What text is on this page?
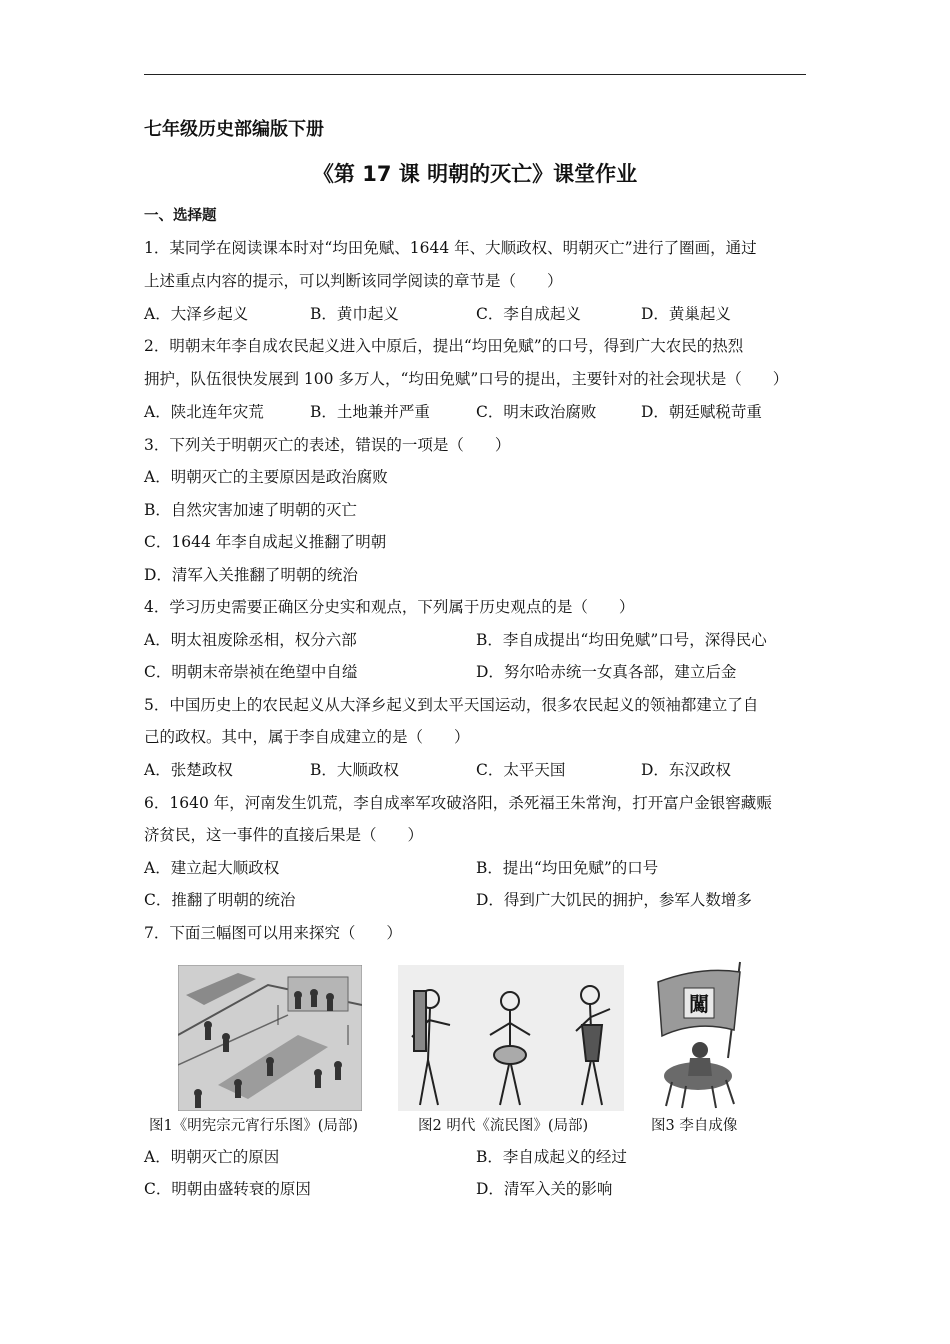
七年级历史部编版下册
《第 17 课 明朝的灭亡》课堂作业
一、选择题
1．某同学在阅读课本时对“均田免赋、1644 年、大顺政权、明朝灭亡”进行了圈画，通过
上述重点内容的提示，可以判断该同学阅读的章节是（　　）
A．大泽乡起义	B．黄巾起义	C．李自成起义	D．黄巢起义
2．明朝末年李自成农民起义进入中原后，提出“均田免赋”的口号，得到广大农民的热烈
拥护，队伍很快发展到 100 多万人，“均田免赋”口号的提出，主要针对的社会现状是（　　）
A．陕北连年灾荒	B．土地兼并严重	C．明末政治腐败	D．朝廷赋税苛重
3．下列关于明朝灭亡的表述，错误的一项是（　　）
A．明朝灭亡的主要原因是政治腐败
B．自然灾害加速了明朝的灭亡
C．1644 年李自成起义推翻了明朝
D．清军入关推翻了明朝的统治
4．学习历史需要正确区分史实和观点，下列属于历史观点的是（　　）
A．明太祖废除丞相，权分六部	B．李自成提出“均田免赋”口号，深得民心
C．明朝末帝崇祯在绝望中自缢	D．努尔哈赤统一女真各部，建立后金
5．中国历史上的农民起义从大泽乡起义到太平天国运动，很多农民起义的领袖都建立了自
己的政权。其中，属于李自成建立的是（　　）
A．张楚政权	B．大顺政权	C．太平天国	D．东汉政权
6．1640 年，河南发生饥荒，李自成率军攻破洛阳，杀死福王朱常洵，打开富户金银窖藏赈
济贫民，这一事件的直接后果是（　　）
A．建立起大顺政权	B．提出“均田免赋”的口号
C．推翻了明朝的统治	D．得到广大饥民的拥护，参军人数增多
7．下面三幅图可以用来探究（　　）
闖
图1《明宪宗元宵行乐图》(局部)	图2 明代《流民图》(局部)	图3 李自成像
A．明朝灭亡的原因	B．李自成起义的经过
C．明朝由盛转衰的原因	D．清军入关的影响
